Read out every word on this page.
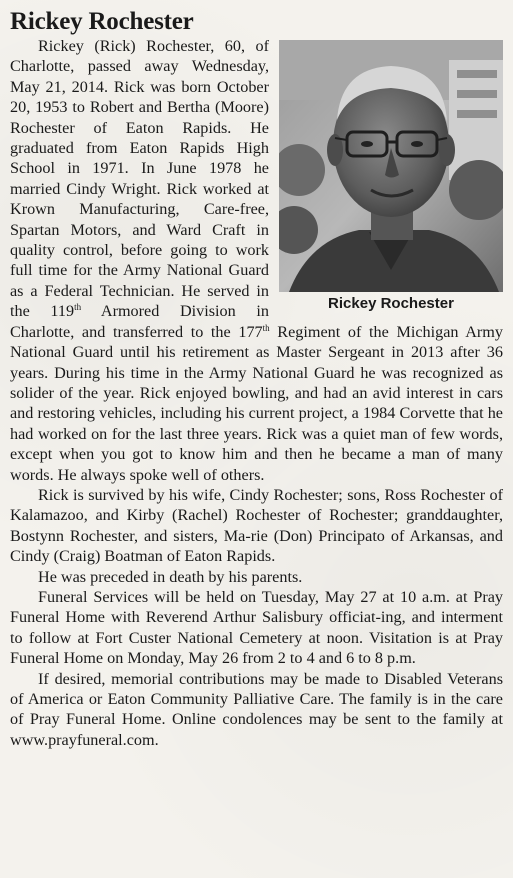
Rickey Rochester
Rickey Rochester

Rickey (Rick) Rochester, 60, of Charlotte, passed away Wednesday, May 21, 2014. Rick was born October 20, 1953 to Robert and Bertha (Moore) Rochester of Eaton Rapids. He graduated from Eaton Rapids High School in 1971. In June 1978 he married Cindy Wright. Rick worked at Krown Manufacturing, Care-free, Spartan Motors, and Ward Craft in quality control, before going to work full time for the Army National Guard as a Federal Technician. He served in the 119th Armored Division in Charlotte, and transferred to the 177th Regiment of the Michigan Army National Guard until his retirement as Master Sergeant in 2013 after 36 years. During his time in the Army National Guard he was recognized as solider of the year. Rick enjoyed bowling, and had an avid interest in cars and restoring vehicles, including his current project, a 1984 Corvette that he had worked on for the last three years. Rick was a quiet man of few words, except when you got to know him and then he became a man of many words. He always spoke well of others.

Rick is survived by his wife, Cindy Rochester; sons, Ross Rochester of Kalamazoo, and Kirby (Rachel) Rochester of Rochester; granddaughter, Bostynn Rochester, and sisters, Ma-rie (Don) Principato of Arkansas, and Cindy (Craig) Boatman of Eaton Rapids.

He was preceded in death by his parents.

Funeral Services will be held on Tuesday, May 27 at 10 a.m. at Pray Funeral Home with Reverend Arthur Salisbury officiat-ing, and interment to follow at Fort Custer National Cemetery at noon. Visitation is at Pray Funeral Home on Monday, May 26 from 2 to 4 and 6 to 8 p.m.

If desired, memorial contributions may be made to Disabled Veterans of America or Eaton Community Palliative Care. The family is in the care of Pray Funeral Home. Online condolences may be sent to the family at www.prayfuneral.com.
